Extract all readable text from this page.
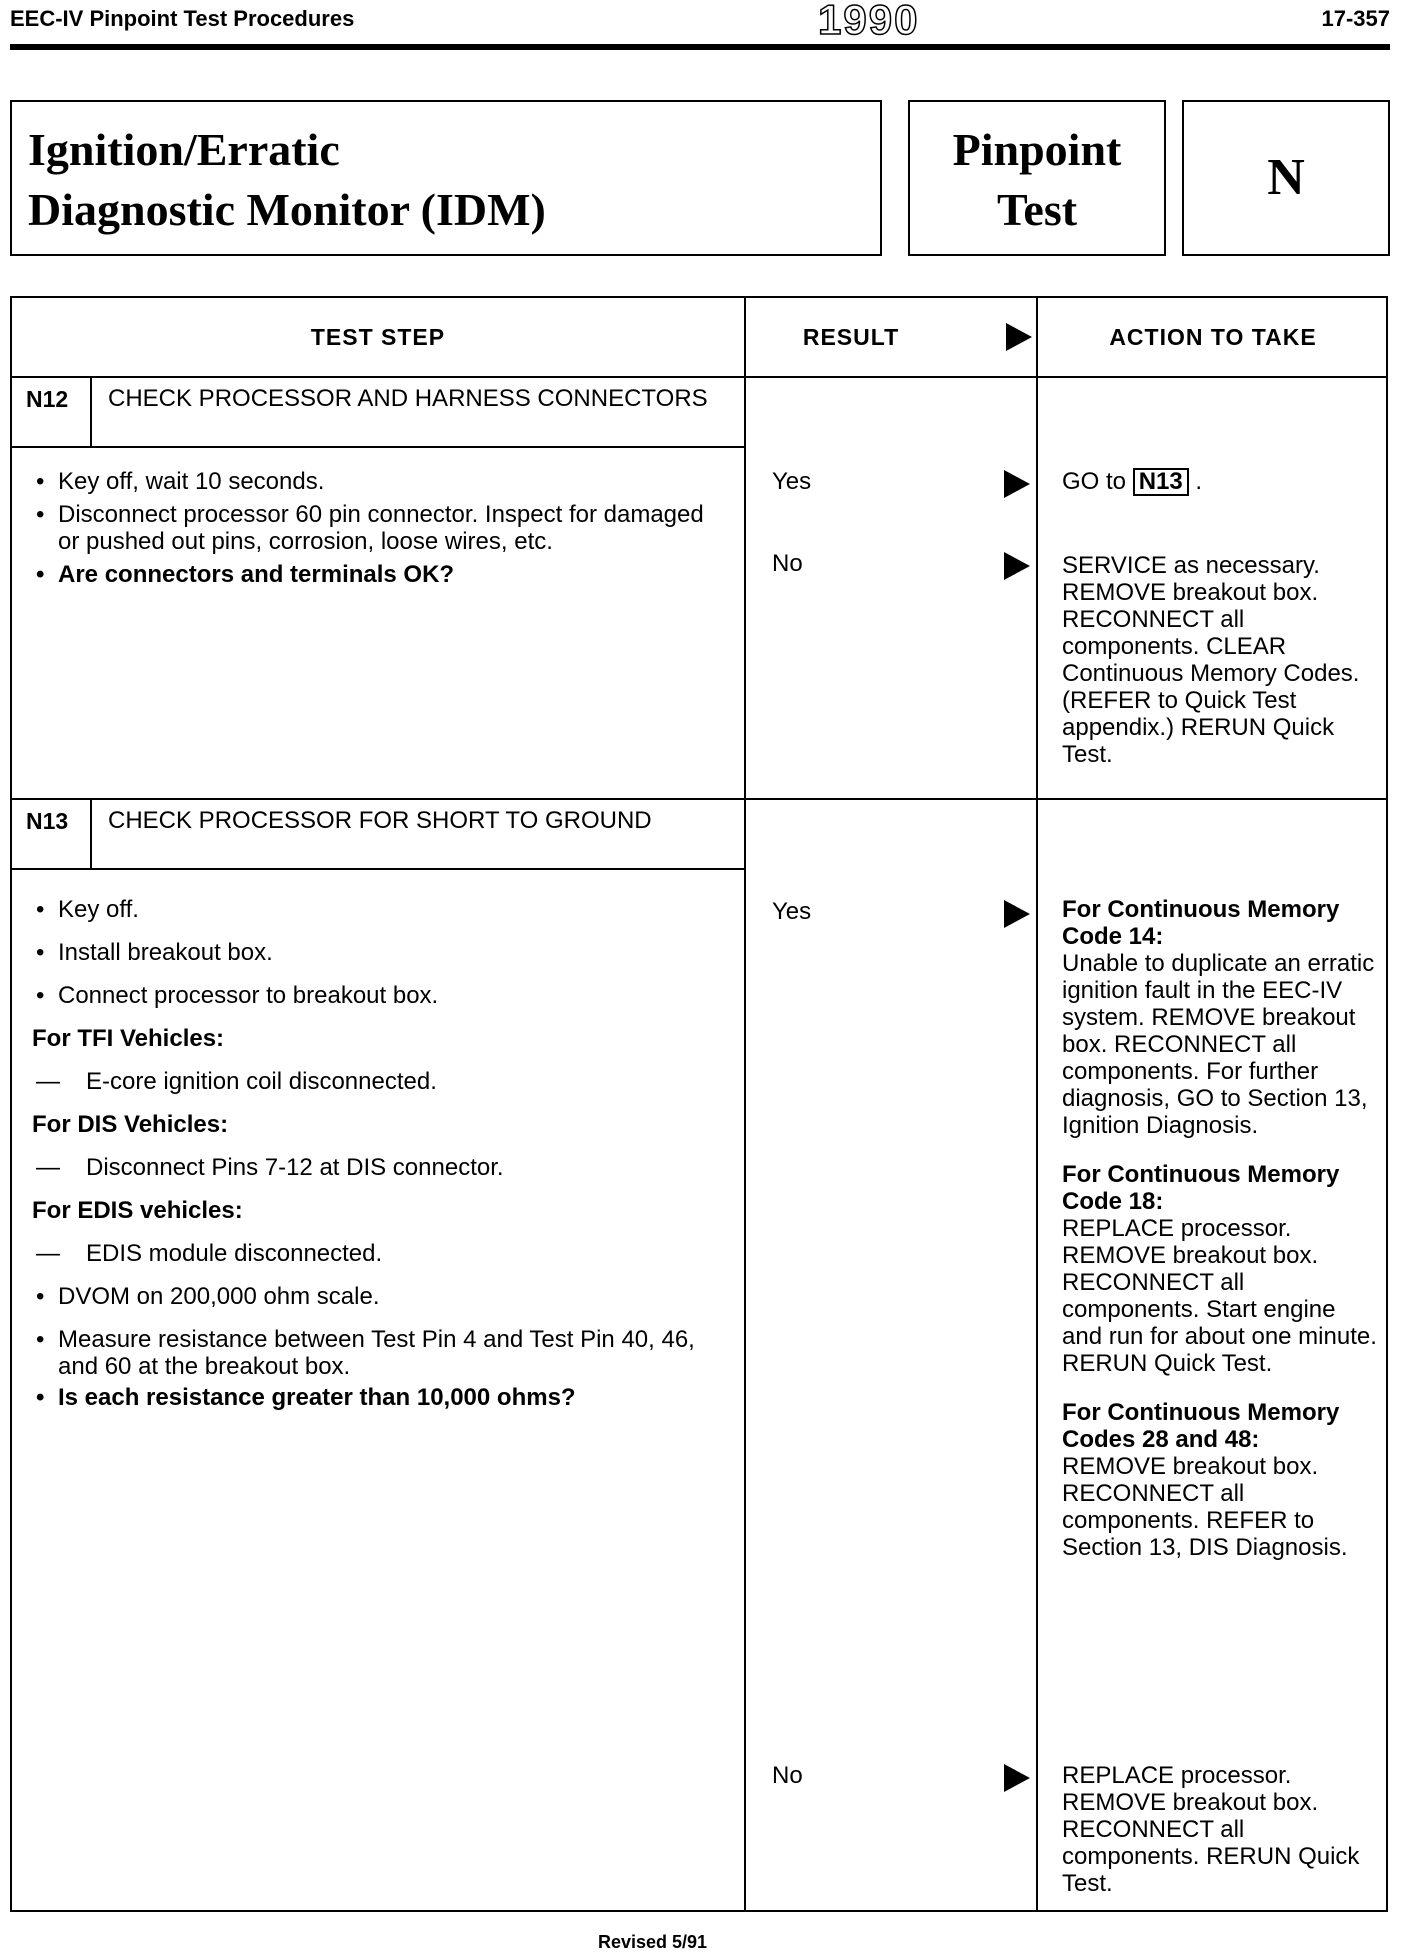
EEC-IV Pinpoint Test Procedures	1990	17-357
Ignition/Erratic
Diagnostic Monitor (IDM)
Pinpoint
Test
N
TEST STEP	RESULT	ACTION TO TAKE
N12	CHECK PROCESSOR AND HARNESS CONNECTORS
• Key off, wait 10 seconds.
• Disconnect processor 60 pin connector. Inspect for damaged or pushed out pins, corrosion, loose wires, etc.
• Are connectors and terminals OK?
Yes	GO to N13 .
No	SERVICE as necessary. REMOVE breakout box. RECONNECT all components. CLEAR Continuous Memory Codes. (REFER to Quick Test appendix.) RERUN Quick Test.
N13	CHECK PROCESSOR FOR SHORT TO GROUND
• Key off.
• Install breakout box.
• Connect processor to breakout box.
For TFI Vehicles:
— E-core ignition coil disconnected.
For DIS Vehicles:
— Disconnect Pins 7-12 at DIS connector.
For EDIS vehicles:
— EDIS module disconnected.
• DVOM on 200,000 ohm scale.
• Measure resistance between Test Pin 4 and Test Pin 40, 46, and 60 at the breakout box.
• Is each resistance greater than 10,000 ohms?
Yes	For Continuous Memory Code 14:
Unable to duplicate an erratic ignition fault in the EEC-IV system. REMOVE breakout box. RECONNECT all components. For further diagnosis, GO to Section 13, Ignition Diagnosis.
For Continuous Memory Code 18:
REPLACE processor. REMOVE breakout box. RECONNECT all components. Start engine and run for about one minute. RERUN Quick Test.
For Continuous Memory Codes 28 and 48:
REMOVE breakout box. RECONNECT all components. REFER to Section 13, DIS Diagnosis.
No	REPLACE processor. REMOVE breakout box. RECONNECT all components. RERUN Quick Test.
Revised 5/91
